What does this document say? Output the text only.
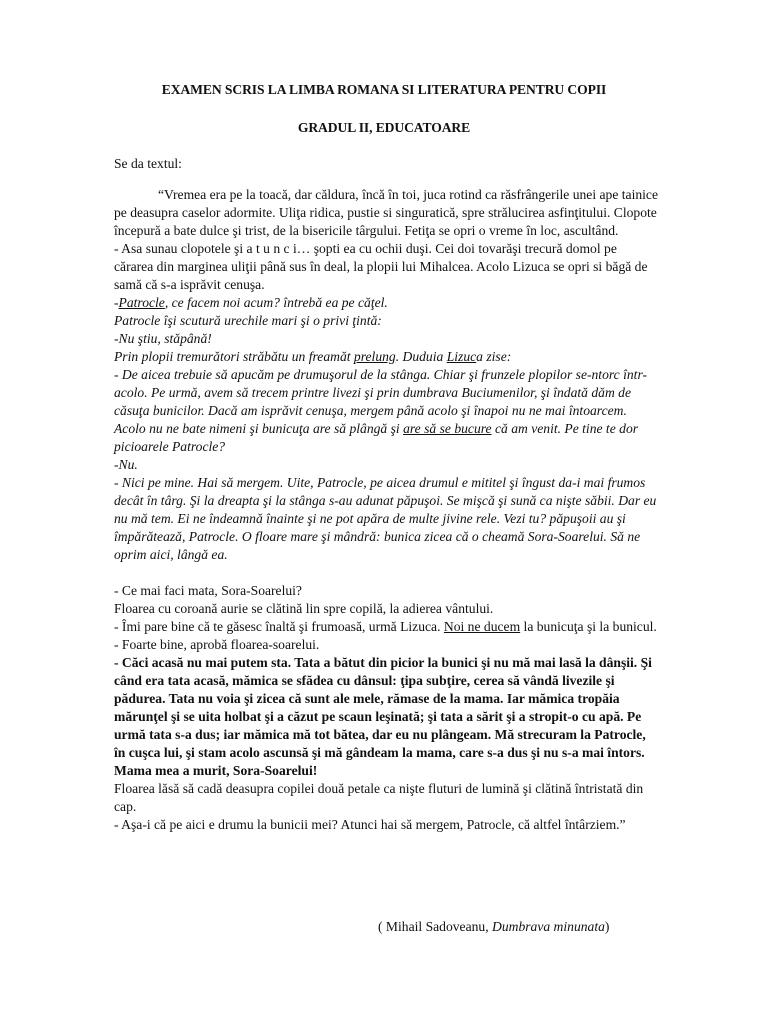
EXAMEN SCRIS LA LIMBA ROMANA SI LITERATURA PENTRU COPII
GRADUL II, EDUCATOARE
Se da textul:

“Vremea era pe la toacă, dar căldura, încă în toi, juca rotind ca răsfrângerile unei ape tainice pe deasupra caselor adormite. Uliţa ridica, pustie si singuratică, spre strălucirea asfinţitului. Clopote începură a bate dulce şi trist, de la bisericile târgului. Fetiţa se opri o vreme în loc, ascultând.

- Asa sunau clopotele şi a t u n c i… şopti ea cu ochii duşi. Cei doi tovarăşi trecură domol pe cărarea din marginea uliţii până sus în deal, la plopii lui Mihalcea. Acolo Lizuca se opri si băgă de samă că s-a isprăvit cenuşa.

-Patrocle, ce facem noi acum? întrebă ea pe căţel.

Patrocle îşi scutură urechile mari şi o privi ţintă:

-Nu ştiu, stăpână!

Prin plopii tremurători străbătu un freamăt prelung. Duduia Lizuca zise:

- De aicea trebuie să apucăm pe drumuşorul de la stânga. Chiar şi frunzele plopilor se-ntorc într-acolo. Pe urmă, avem să trecem printre livezi şi prin dumbrava Buciumenilor, şi îndată dăm de căsuţa bunicilor. Dacă am isprăvit cenuşa, mergem până acolo şi înapoi nu ne mai întoarcem. Acolo nu ne bate nimeni şi bunicuţa are să plângă şi are să se bucure că am venit. Pe tine te dor picioarele Patrocle?

-Nu.

- Nici pe mine. Hai să mergem. Uite, Patrocle, pe aicea drumul e mititel şi îngust da-i mai frumos decât în târg. Şi la dreapta şi la stânga s-au adunat păpuşoi. Se mişcă şi sună ca nişte săbii. Dar eu nu mă tem. Ei ne îndeamnă înainte şi ne pot apăra de multe jivine rele. Vezi tu? păpuşoii au şi împărătează, Patrocle. O floare mare şi mândră: bunica zicea că o cheamă Sora-Soarelui. Să ne oprim aici, lângă ea.

- Ce mai faci mata, Sora-Soarelui?

Floarea cu coroană aurie se clătină lin spre copilă, la adierea vântului.

- Îmi pare bine că te găsesc înaltă şi frumoasă, urmă Lizuca. Noi ne ducem la bunicuţa şi la bunicul.

- Foarte bine, aprobă floarea-soarelui.

- Căci acasă nu mai putem sta. Tata a bătut din picior la bunici şi nu mă mai lasă la dânşii. Şi când era tata acasă, mămica se sfădea cu dânsul: ţipa subţire, cerea să vândă livezile şi pădurea. Tata nu voia şi zicea că sunt ale mele, rămase de la mama. Iar mămica tropăia mărunţel şi se uita holbat şi a căzut pe scaun leşinată; şi tata a sărit şi a stropit-o cu apă. Pe urmă tata s-a dus; iar mămica mă tot bătea, dar eu nu plângeam. Mă strecuram la Patrocle, în cuşca lui, şi stam acolo ascunsă şi mă gândeam la mama, care s-a dus şi nu s-a mai întors. Mama mea a murit, Sora-Soarelui!

Floarea lăsă să cadă deasupra copilei două petale ca nişte fluturi de lumină şi clătină întristată din cap.

- Aşa-i că pe aici e drumu la bunicii mei? Atunci hai să mergem, Patrocle, că altfel întârziem.”

( Mihail Sadoveanu, Dumbrava minunata)
